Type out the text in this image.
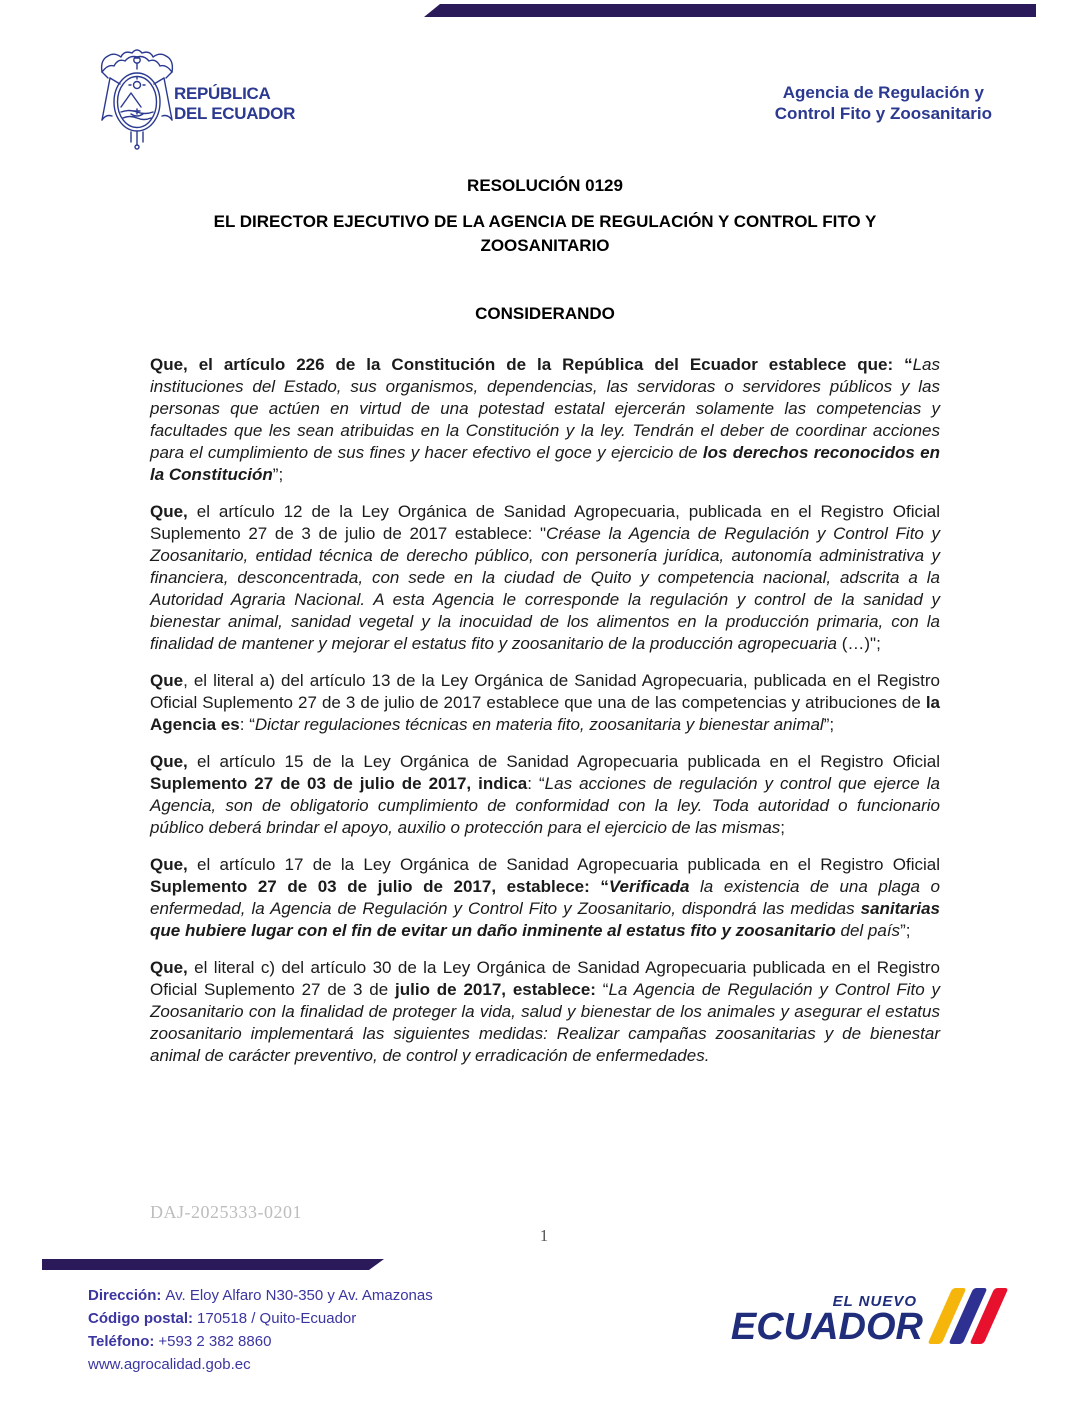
REPÚBLICA
DEL ECUADOR
Agencia de Regulación y
Control Fito y Zoosanitario
RESOLUCIÓN 0129
EL DIRECTOR EJECUTIVO DE LA AGENCIA DE REGULACIÓN Y CONTROL FITO Y
ZOOSANITARIO
CONSIDERANDO

Que, el artículo 226 de la Constitución de la República del Ecuador establece que: “Las instituciones del Estado, sus organismos, dependencias, las servidoras o servidores públicos y las personas que actúen en virtud de una potestad estatal ejercerán solamente las competencias y facultades que les sean atribuidas en la Constitución y la ley. Tendrán el deber de coordinar acciones para el cumplimiento de sus fines y hacer efectivo el goce y ejercicio de los derechos reconocidos en la Constitución”;

Que, el artículo 12 de la Ley Orgánica de Sanidad Agropecuaria, publicada en el Registro Oficial Suplemento 27 de 3 de julio de 2017 establece: "Créase la Agencia de Regulación y Control Fito y Zoosanitario, entidad técnica de derecho público, con personería jurídica, autonomía administrativa y financiera, desconcentrada, con sede en la ciudad de Quito y competencia nacional, adscrita a la Autoridad Agraria Nacional. A esta Agencia le corresponde la regulación y control de la sanidad y bienestar animal, sanidad vegetal y la inocuidad de los alimentos en la producción primaria, con la finalidad de mantener y mejorar el estatus fito y zoosanitario de la producción agropecuaria (…)";

Que, el literal a) del artículo 13 de la Ley Orgánica de Sanidad Agropecuaria, publicada en el Registro Oficial Suplemento 27 de 3 de julio de 2017 establece que una de las competencias y atribuciones de la Agencia es: “Dictar regulaciones técnicas en materia fito, zoosanitaria y bienestar animal”;

Que, el artículo 15 de la Ley Orgánica de Sanidad Agropecuaria publicada en el Registro Oficial Suplemento 27 de 03 de julio de 2017, indica: “Las acciones de regulación y control que ejerce la Agencia, son de obligatorio cumplimiento de conformidad con la ley. Toda autoridad o funcionario público deberá brindar el apoyo, auxilio o protección para el ejercicio de las mismas;

Que, el artículo 17 de la Ley Orgánica de Sanidad Agropecuaria publicada en el Registro Oficial Suplemento 27 de 03 de julio de 2017, establece: “Verificada la existencia de una plaga o enfermedad, la Agencia de Regulación y Control Fito y Zoosanitario, dispondrá las medidas sanitarias que hubiere lugar con el fin de evitar un daño inminente al estatus fito y zoosanitario del país”;

Que, el literal c) del artículo 30 de la Ley Orgánica de Sanidad Agropecuaria publicada en el Registro Oficial Suplemento 27 de 3 de julio de 2017, establece: “La Agencia de Regulación y Control Fito y Zoosanitario con la finalidad de proteger la vida, salud y bienestar de los animales y asegurar el estatus zoosanitario implementará las siguientes medidas: Realizar campañas zoosanitarias y de bienestar animal de carácter preventivo, de control y erradicación de enfermedades.

DAJ-2025333-0201
1
Dirección: Av. Eloy Alfaro N30-350 y Av. Amazonas
Código postal: 170518 / Quito-Ecuador
Teléfono: +593 2 382 8860
www.agrocalidad.gob.ec
EL NUEVO
ECUADOR
